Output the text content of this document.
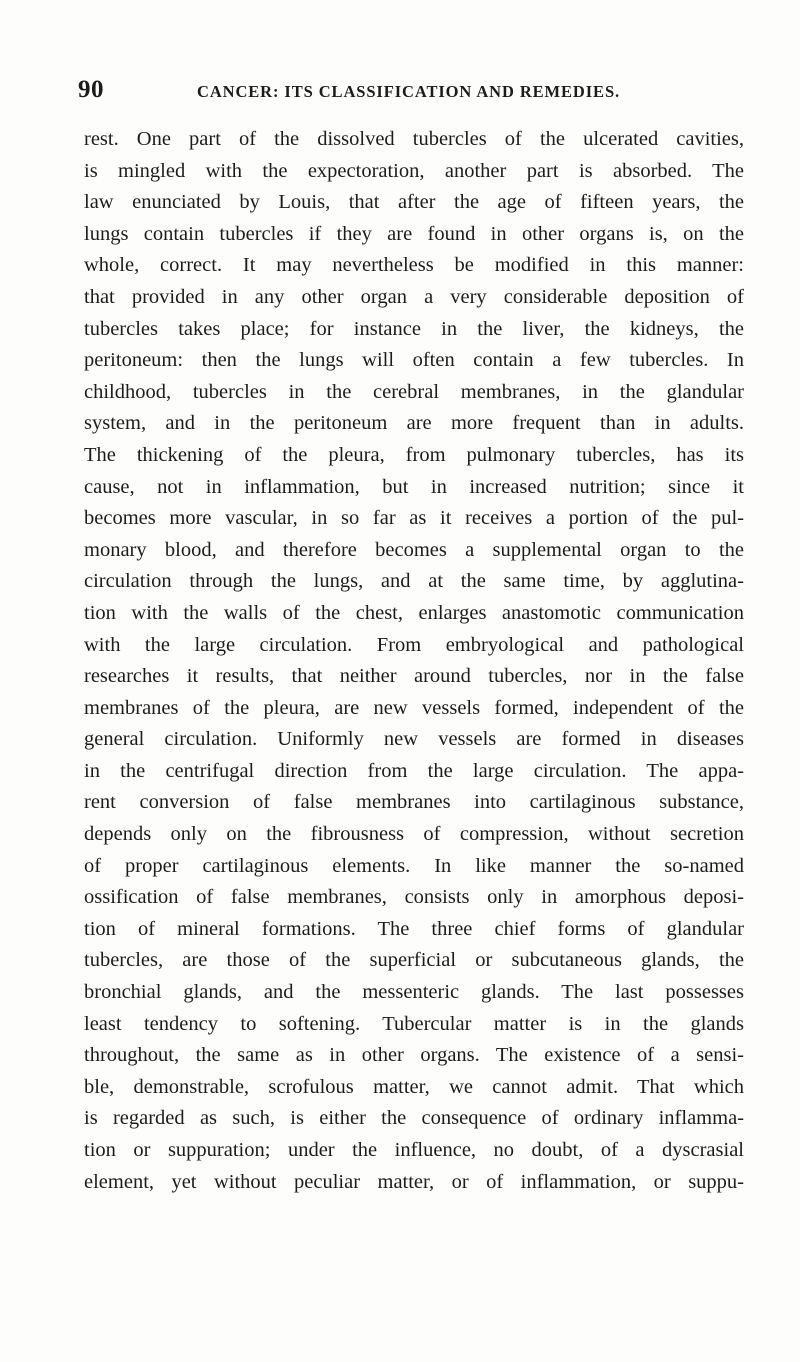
90	CANCER: ITS CLASSIFICATION AND REMEDIES.
rest. One part of the dissolved tubercles of the ulcerated cavities,
is mingled with the expectoration, another part is absorbed. The
law enunciated by Louis, that after the age of fifteen years, the
lungs contain tubercles if they are found in other organs is, on the
whole, correct. It may nevertheless be modified in this manner:
that provided in any other organ a very considerable deposition of
tubercles takes place; for instance in the liver, the kidneys, the
peritoneum: then the lungs will often contain a few tubercles. In
childhood, tubercles in the cerebral membranes, in the glandular
system, and in the peritoneum are more frequent than in adults.
The thickening of the pleura, from pulmonary tubercles, has its
cause, not in inflammation, but in increased nutrition; since it
becomes more vascular, in so far as it receives a portion of the pul-
monary blood, and therefore becomes a supplemental organ to the
circulation through the lungs, and at the same time, by agglutina-
tion with the walls of the chest, enlarges anastomotic communication
with the large circulation. From embryological and pathological
researches it results, that neither around tubercles, nor in the false
membranes of the pleura, are new vessels formed, independent of the
general circulation. Uniformly new vessels are formed in diseases
in the centrifugal direction from the large circulation. The appa-
rent conversion of false membranes into cartilaginous substance,
depends only on the fibrousness of compression, without secretion
of proper cartilaginous elements. In like manner the so-named
ossification of false membranes, consists only in amorphous deposi-
tion of mineral formations. The three chief forms of glandular
tubercles, are those of the superficial or subcutaneous glands, the
bronchial glands, and the messenteric glands. The last possesses
least tendency to softening. Tubercular matter is in the glands
throughout, the same as in other organs. The existence of a sensi-
ble, demonstrable, scrofulous matter, we cannot admit. That which
is regarded as such, is either the consequence of ordinary inflamma-
tion or suppuration; under the influence, no doubt, of a dyscrasial
element, yet without peculiar matter, or of inflammation, or suppu-
